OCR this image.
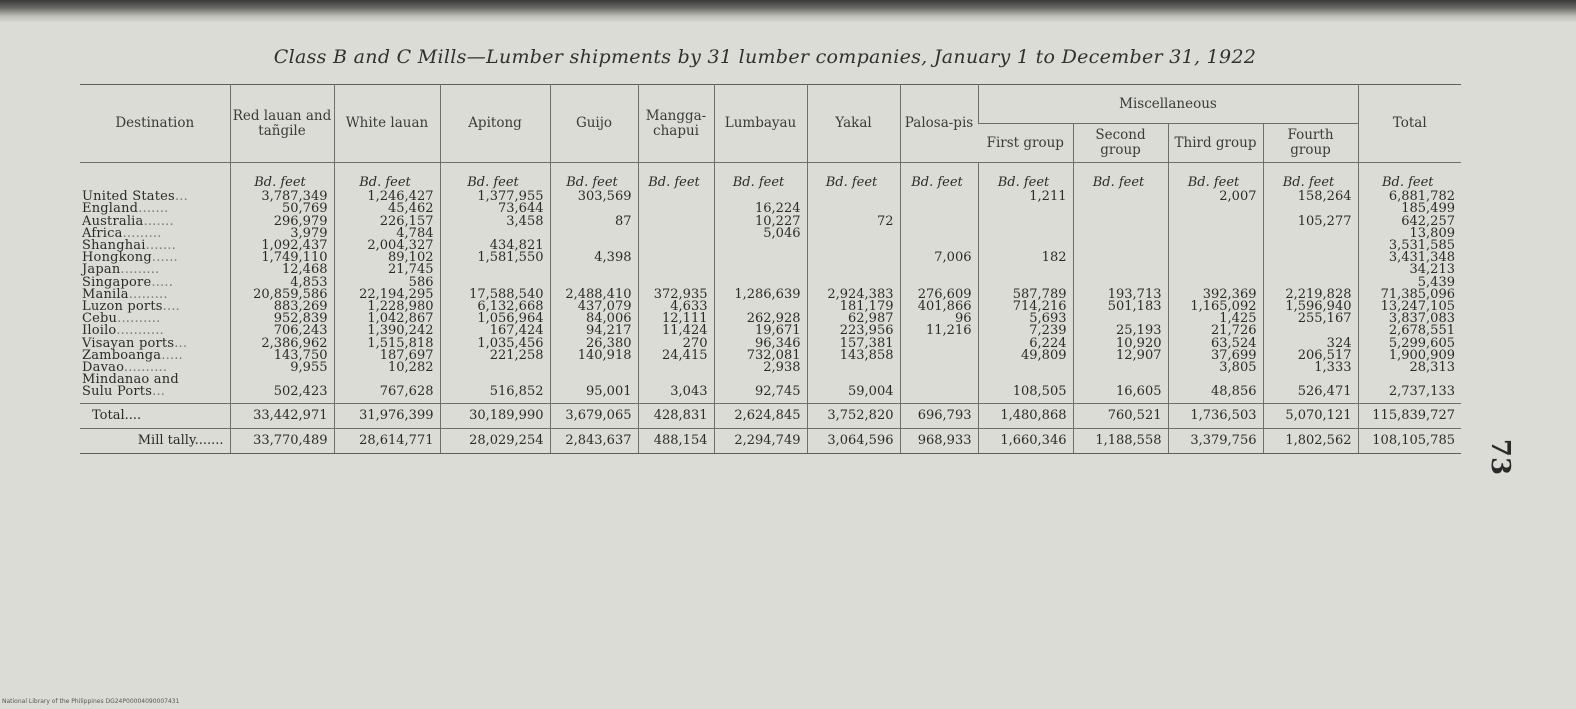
Class B and C Mills—Lumber shipments by 31 lumber companies, January 1 to December 31, 1922
Destination	Red lauan and tañgile	White lauan	Apitong	Guijo	Mangga-chapui	Lumbayau	Yakal	Palosa-pis	Miscellaneous				Total
									First group	Second group	Third group	Fourth group	
	Bd. feet	Bd. feet	Bd. feet	Bd. feet	Bd. feet	Bd. feet	Bd. feet	Bd. feet	Bd. feet	Bd. feet	Bd. feet	Bd. feet	Bd. feet
United States...	3,787,349	1,246,427	1,377,955	303,569					1,211		2,007	158,264	6,881,782
England.......	50,769	45,462	73,644			16,224							185,499
Australia.......	296,979	226,157	3,458	87		10,227	72					105,277	642,257
Africa.........	3,979	4,784				5,046							13,809
Shanghai.......	1,092,437	2,004,327	434,821										3,531,585
Hongkong......	1,749,110	89,102	1,581,550	4,398				7,006	182				3,431,348
Japan.........	12,468	21,745											34,213
Singapore.....	4,853	586											5,439
Manila.........	20,859,586	22,194,295	17,588,540	2,488,410	372,935	1,286,639	2,924,383	276,609	587,789	193,713	392,369	2,219,828	71,385,096
Luzon ports....	883,269	1,228,980	6,132,668	437,079	4,633		181,179	401,866	714,216	501,183	1,165,092	1,596,940	13,247,105
Cebu..........	952,839	1,042,867	1,056,964	84,006	12,111	262,928	62,987	96	5,693		1,425	255,167	3,837,083
Iloilo...........	706,243	1,390,242	167,424	94,217	11,424	19,671	223,956	11,216	7,239	25,193	21,726		2,678,551
Visayan ports...	2,386,962	1,515,818	1,035,456	26,380	270	96,346	157,381		6,224	10,920	63,524	324	5,299,605
Zamboanga.....	143,750	187,697	221,258	140,918	24,415	732,081	143,858		49,809	12,907	37,699	206,517	1,900,909
Davao..........	9,955	10,282				2,938					3,805	1,333	28,313
Mindanao and
Sulu Ports...	502,423	767,628	516,852	95,001	3,043	92,745	59,004		108,505	16,605	48,856	526,471	2,737,133
Total....	33,442,971	31,976,399	30,189,990	3,679,065	428,831	2,624,845	3,752,820	696,793	1,480,868	760,521	1,736,503	5,070,121	115,839,727
Mill tally.......	33,770,489	28,614,771	28,029,254	2,843,637	488,154	2,294,749	3,064,596	968,933	1,660,346	1,188,558	3,379,756	1,802,562	108,105,785 73
National Library of the Philippines DG24P00004090007431
